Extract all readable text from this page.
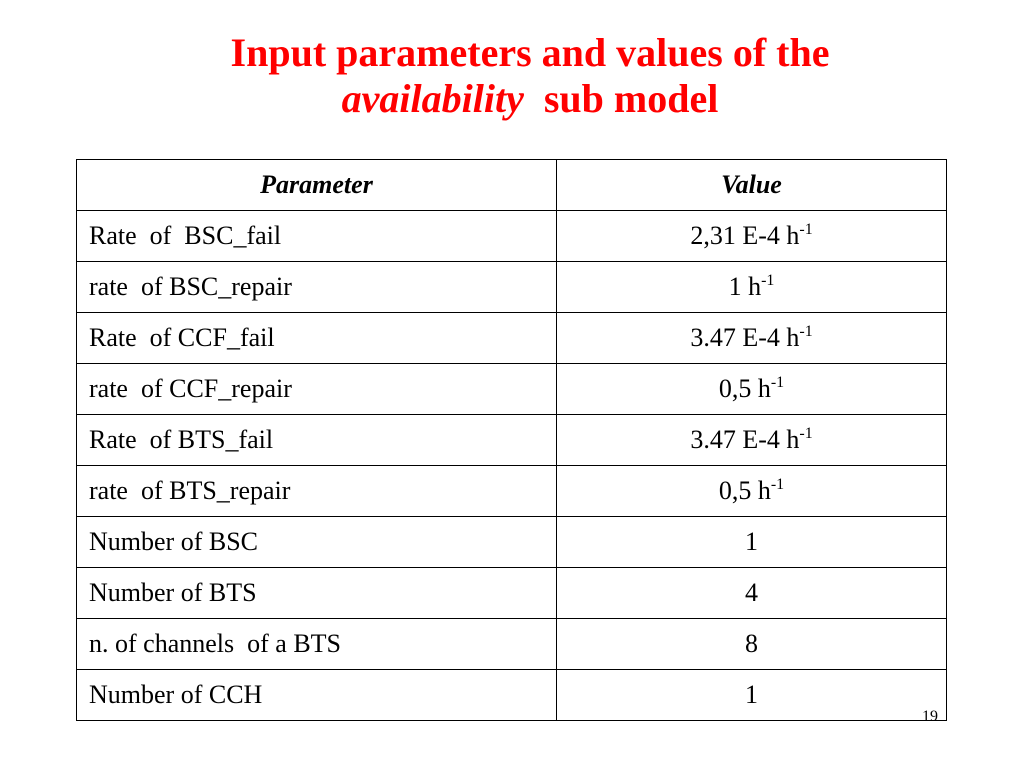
Input parameters and values of the
availability  sub model
Parameter	Value
Rate  of  BSC_fail	2,31 E-4 $h^{-1}$
rate  of BSC_repair	1 $h^{-1}$
Rate  of CCF_fail	3.47 E-4 $h^{-1}$
rate  of CCF_repair	0,5 $h^{-1}$
Rate  of BTS_fail	3.47 E-4 $h^{-1}$
rate  of BTS_repair	0,5 $h^{-1}$
Number of BSC	1
Number of BTS	4
n. of channels  of a BTS	8
Number of CCH	1
19
